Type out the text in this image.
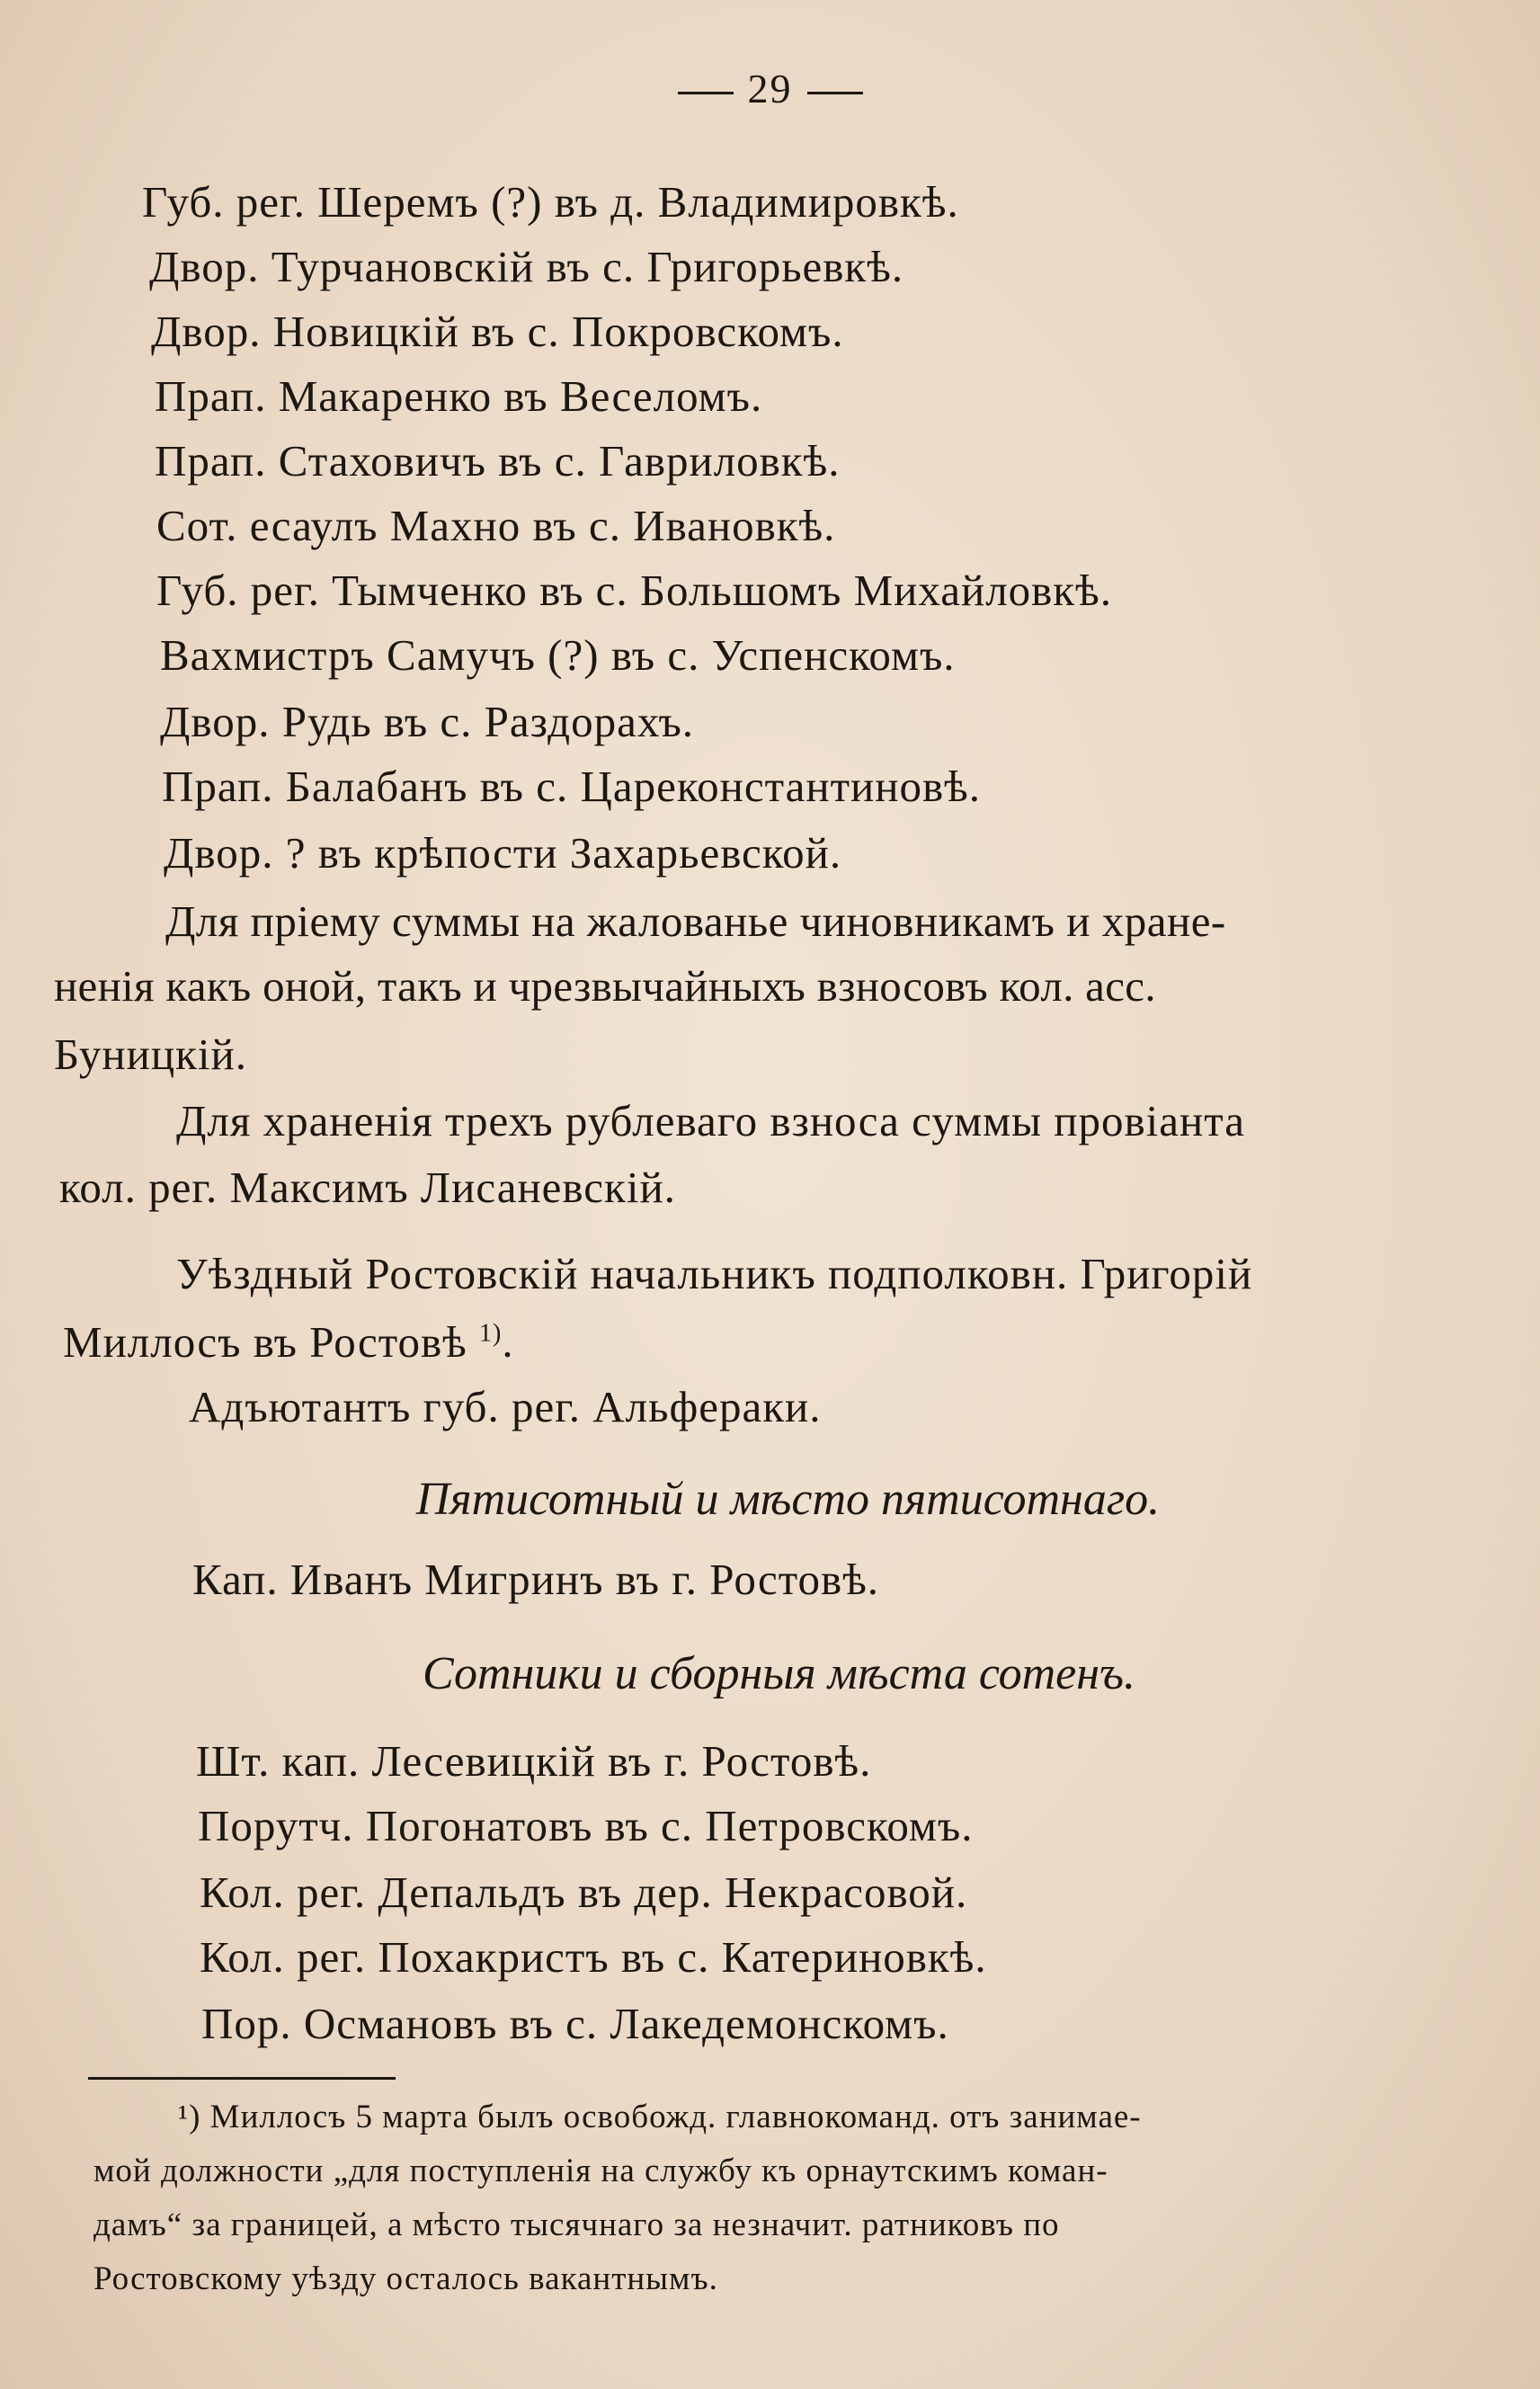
29
Губ. рег. Шеремъ (?) въ д. Владимировкѣ.
Двор. Турчановскій въ с. Григорьевкѣ.
Двор. Новицкій въ с. Покровскомъ.
Прап. Макаренко въ Веселомъ.
Прап. Стаховичъ въ с. Гавриловкѣ.
Сот. есаулъ Махно въ с. Ивановкѣ.
Губ. рег. Тымченко въ с. Большомъ Михайловкѣ.
Вахмистръ Самучъ (?) въ с. Успенскомъ.
Двор. Рудь въ с. Раздорахъ.
Прап. Балабанъ въ с. Цареконстантиновѣ.
Двор. ? въ крѣпости Захарьевской.
Для пріему суммы на жалованье чиновникамъ и хране-
ненія какъ оной, такъ и чрезвычайныхъ взносовъ кол. асс.
Буницкій.
Для храненія трехъ рублеваго взноса суммы провіанта
кол. рег. Максимъ Лисаневскій.
Уѣздный Ростовскій начальникъ подполковн. Григорій
Миллосъ въ Ростовѣ $^{1)}$.
Адъютантъ губ. рег. Альфераки.
Пятисотный и мѣсто пятисотнаго.
Кап. Иванъ Мигринъ въ г. Ростовѣ.
Сотники и сборныя мѣста сотенъ.
Шт. кап. Лесевицкій въ г. Ростовѣ.
Порутч. Погонатовъ въ с. Петровскомъ.
Кол. рег. Депальдъ въ дер. Некрасовой.
Кол. рег. Похакристъ въ с. Катериновкѣ.
Пор. Османовъ въ с. Лакедемонскомъ.
¹) Миллосъ 5 марта былъ освобожд. главнокоманд. отъ занимае-
мой должности „для поступленія на службу къ орнаутскимъ коман-
дамъ“ за границей, а мѣсто тысячнаго за незначит. ратниковъ по
Ростовскому уѣзду осталось вакантнымъ.
